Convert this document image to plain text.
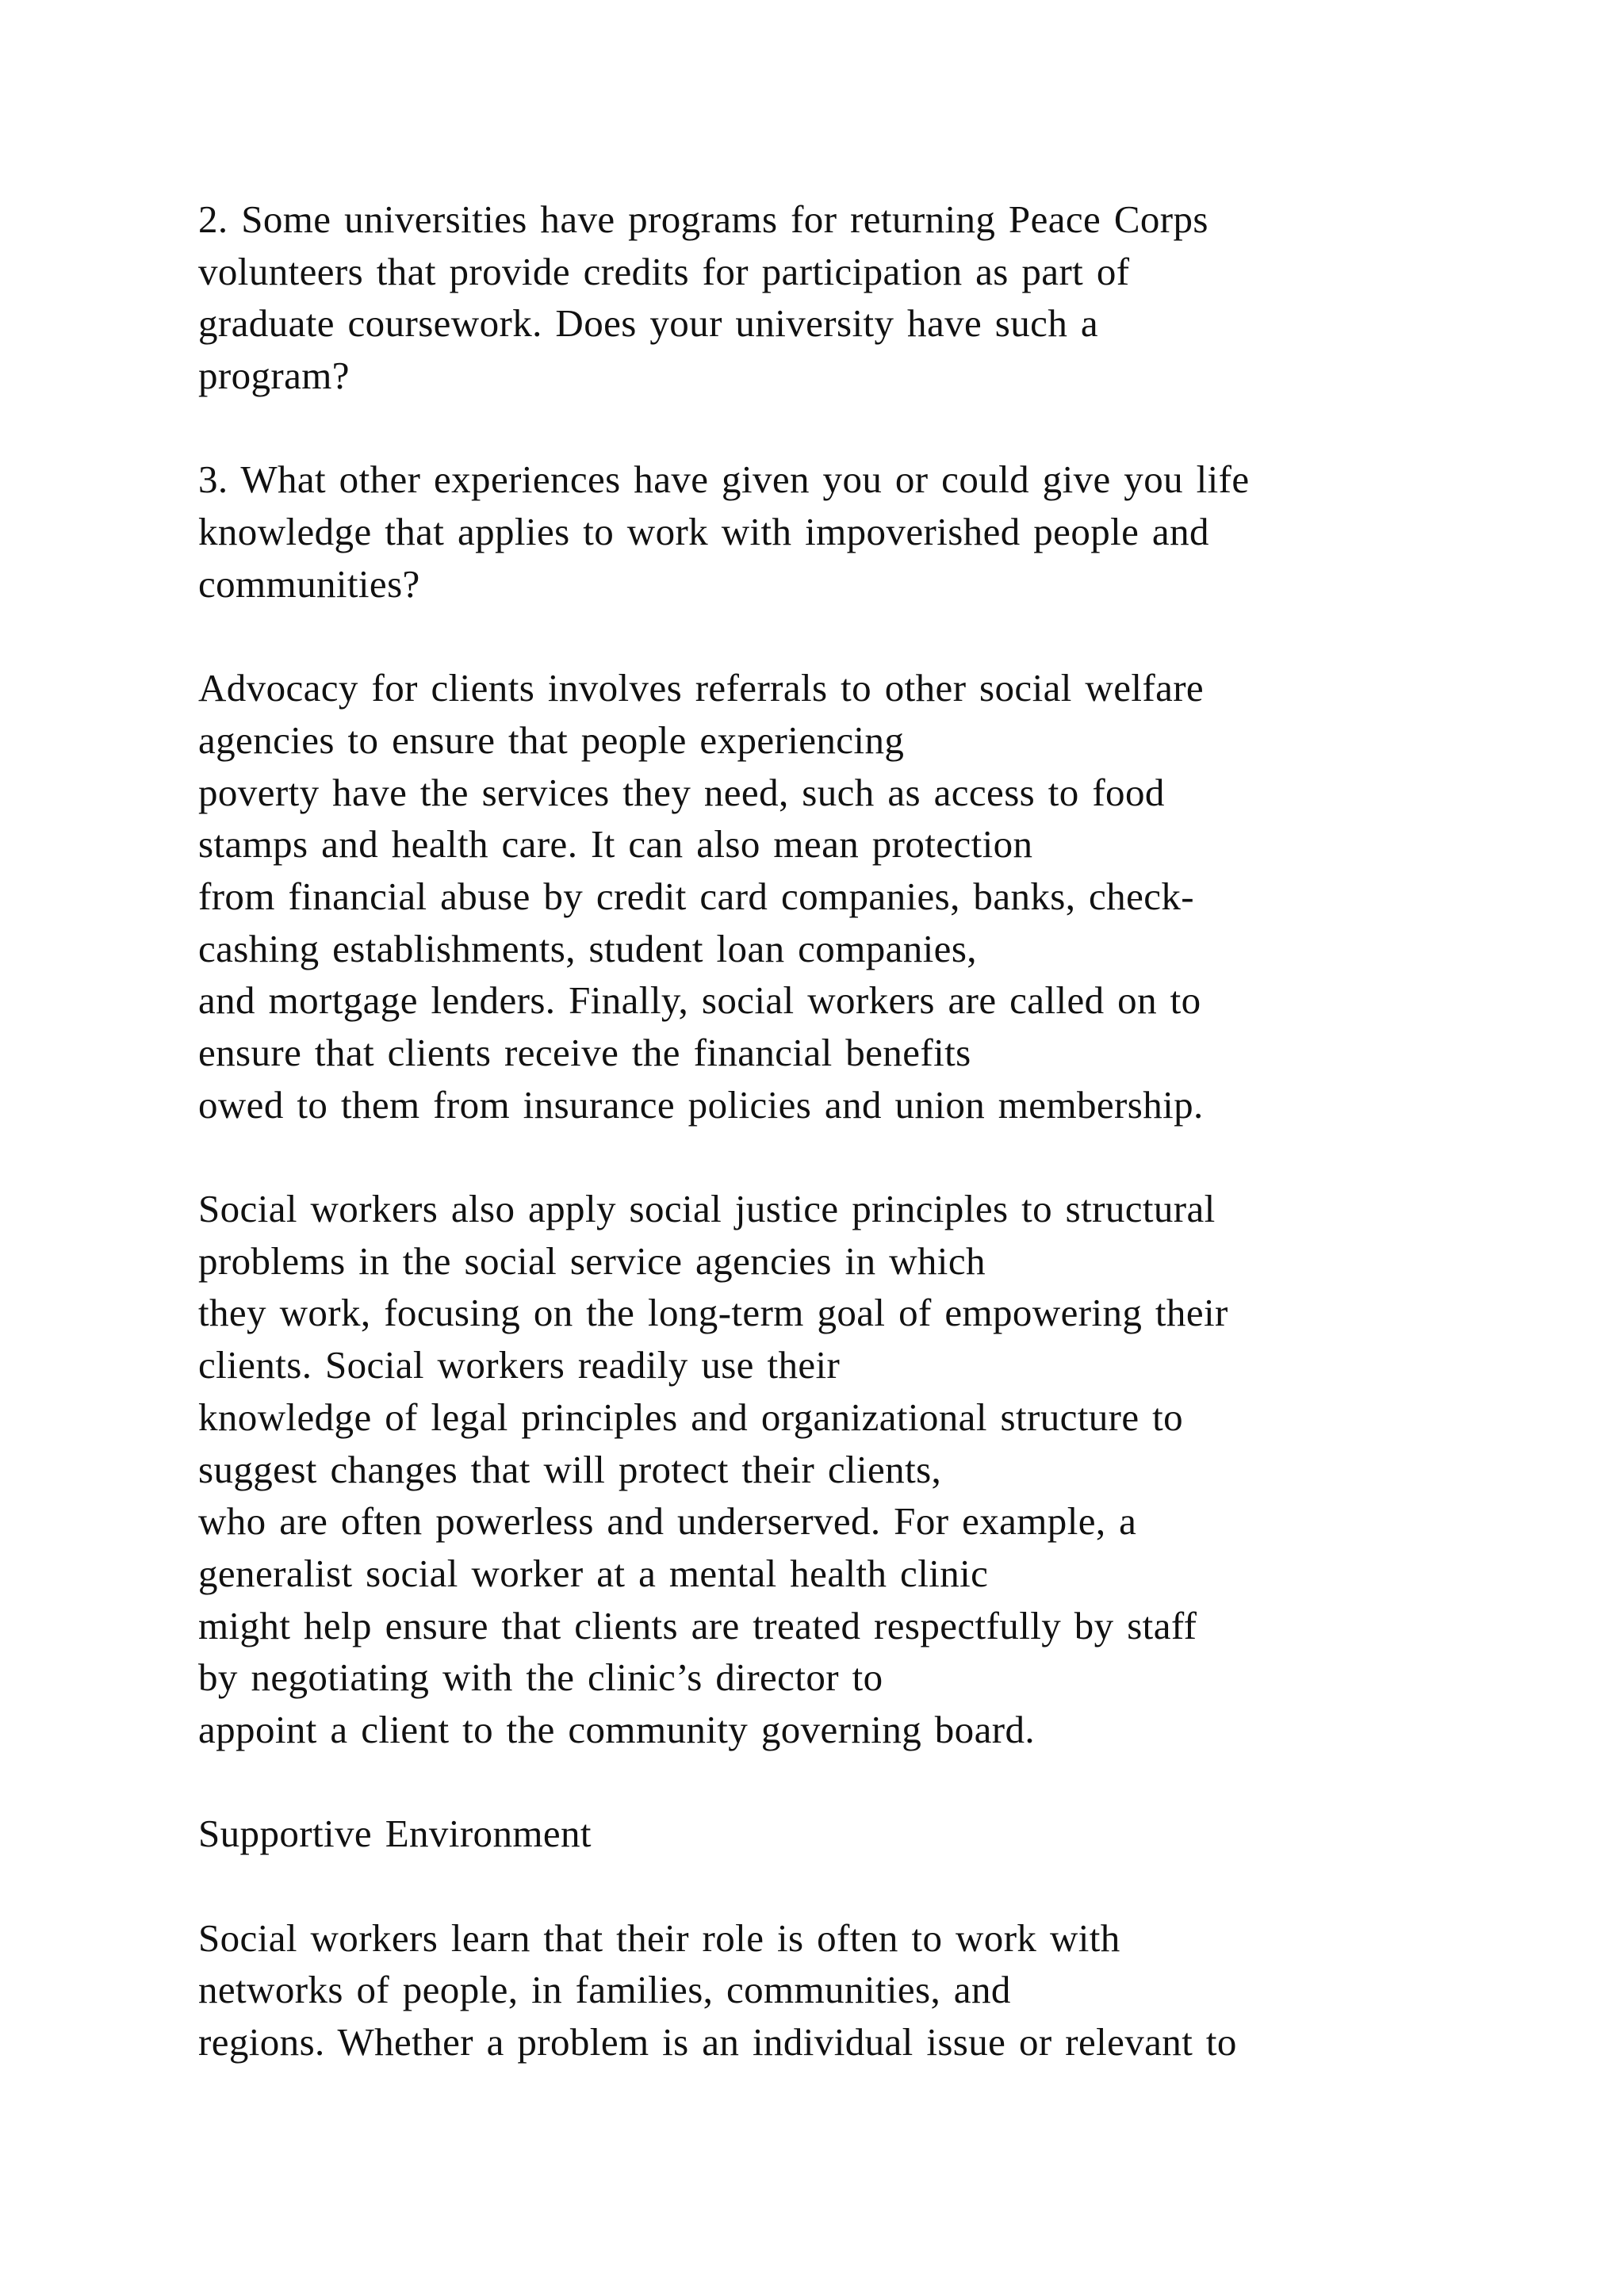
2. Some universities have programs for returning Peace Corps
volunteers that provide credits for participation as part of
graduate coursework. Does your university have such a
program?
3. What other experiences have given you or could give you life
knowledge that applies to work with impoverished people and
communities?
Advocacy for clients involves referrals to other social welfare
agencies to ensure that people experiencing
poverty have the services they need, such as access to food
stamps and health care. It can also mean protection
from financial abuse by credit card companies, banks, check-
cashing establishments, student loan companies,
and mortgage lenders. Finally, social workers are called on to
ensure that clients receive the financial benefits
owed to them from insurance policies and union membership.
Social workers also apply social justice principles to structural
problems in the social service agencies in which
they work, focusing on the long-term goal of empowering their
clients. Social workers readily use their
knowledge of legal principles and organizational structure to
suggest changes that will protect their clients,
who are often powerless and underserved. For example, a
generalist social worker at a mental health clinic
might help ensure that clients are treated respectfully by staff
by negotiating with the clinic’s director to
appoint a client to the community governing board.
Supportive Environment
Social workers learn that their role is often to work with
networks of people, in families, communities, and
regions. Whether a problem is an individual issue or relevant to
